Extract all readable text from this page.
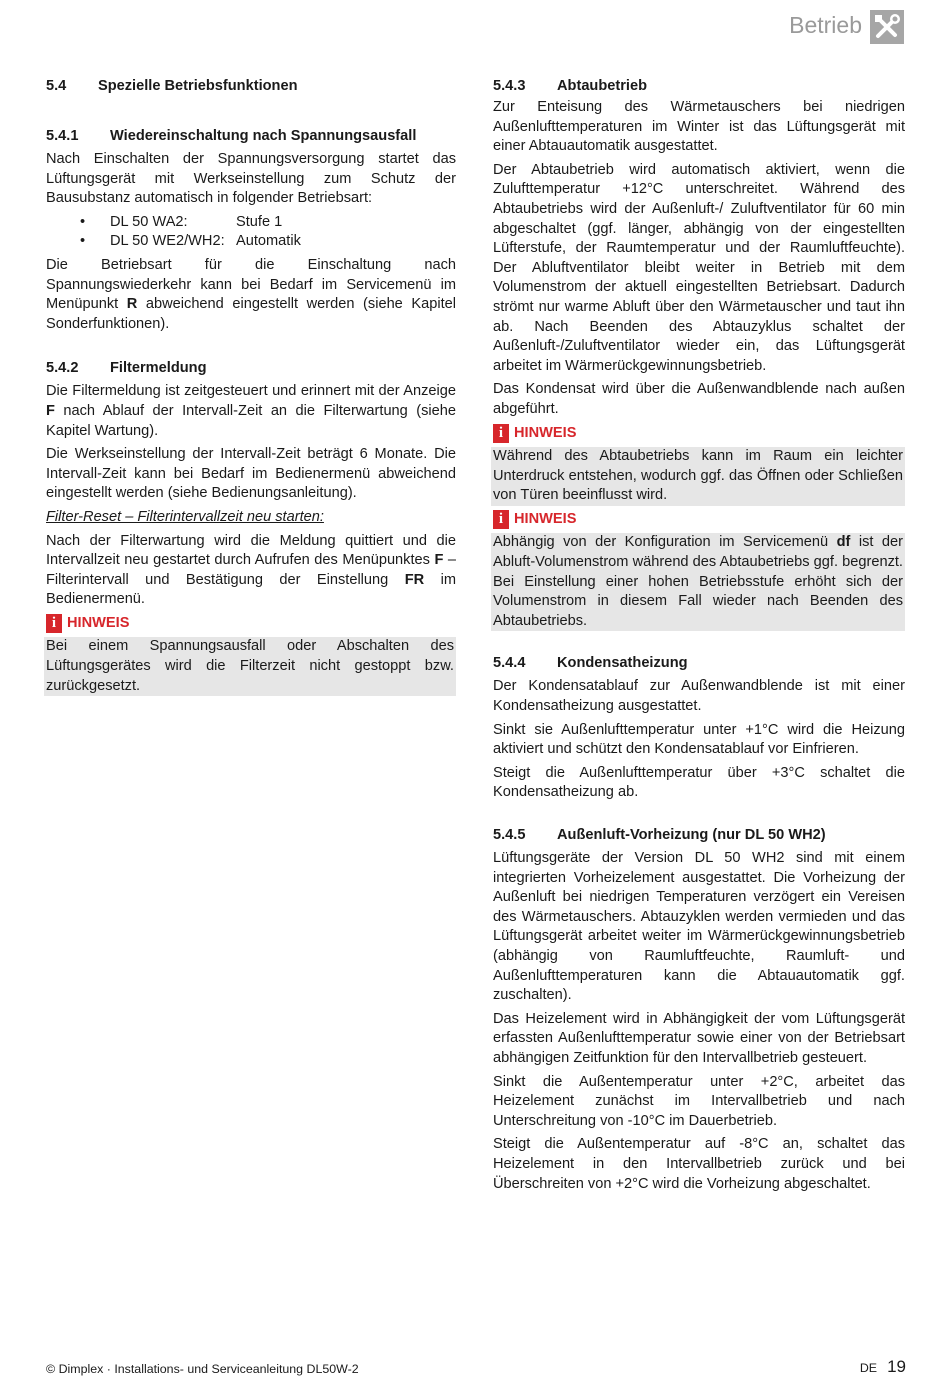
Betrieb
5.4	Spezielle Betriebsfunktionen
5.4.1	Wiedereinschaltung nach Spannungsausfall

Nach Einschalten der Spannungsversorgung startet das Lüftungsgerät mit Werkseinstellung zum Schutz der Bausubstanz automatisch in folgender Betriebsart:

•	DL 50 WA2:	Stufe 1
•	DL 50 WE2/WH2: Automatik

Die Betriebsart für die Einschaltung nach Spannungswiederkehr kann bei Bedarf im Servicemenü im Menüpunkt R abweichend eingestellt werden (siehe Kapitel Sonderfunktionen).

5.4.2	Filtermeldung

Die Filtermeldung ist zeitgesteuert und erinnert mit der Anzeige F nach Ablauf der Intervall-Zeit an die Filterwartung (siehe Kapitel Wartung).

Die Werkseinstellung der Intervall-Zeit beträgt 6 Monate. Die Intervall-Zeit kann bei Bedarf im Bedienermenü abweichend eingestellt werden (siehe Bedienungsanleitung).

Filter-Reset – Filterintervallzeit neu starten:

Nach der Filterwartung wird die Meldung quittiert und die Intervallzeit neu gestartet durch Aufrufen des Menüpunktes F – Filterintervall und Bestätigung der Einstellung FR im Bedienermenü.

i HINWEIS
Bei einem Spannungsausfall oder Abschalten des Lüftungsgerätes wird die Filterzeit nicht gestoppt bzw. zurückgesetzt.
5.4.3	Abtaubetrieb

Zur Enteisung des Wärmetauschers bei niedrigen Außenlufttemperaturen im Winter ist das Lüftungsgerät mit einer Abtauautomatik ausgestattet.

Der Abtaubetrieb wird automatisch aktiviert, wenn die Zulufttemperatur +12°C unterschreitet. Während des Abtaubetriebs wird der Außenluft-/ Zuluftventilator für 60 min abgeschaltet (ggf. länger, abhängig von der eingestellten Lüfterstufe, der Raumtemperatur und der Raumluftfeuchte). Der Abluftventilator bleibt weiter in Betrieb mit dem Volumenstrom der aktuell eingestellten Betriebsart. Dadurch strömt nur warme Abluft über den Wärmetauscher und taut ihn ab. Nach Beenden des Abtauzyklus schaltet der Außenluft-/Zuluftventilator wieder ein, das Lüftungsgerät arbeitet im Wärmerückgewinnungsbetrieb.

Das Kondensat wird über die Außenwandblende nach außen abgeführt.

i HINWEIS
Während des Abtaubetriebs kann im Raum ein leichter Unterdruck entstehen, wodurch ggf. das Öffnen oder Schließen von Türen beeinflusst wird.
i HINWEIS
Abhängig von der Konfiguration im Servicemenü df ist der Abluft-Volumenstrom während des Abtaubetriebs ggf. begrenzt. Bei Einstellung einer hohen Betriebsstufe erhöht sich der Volumenstrom in diesem Fall wieder nach Beenden des Abtaubetriebs.
5.4.4	Kondensatheizung

Der Kondensatablauf zur Außenwandblende ist mit einer Kondensatheizung ausgestattet.

Sinkt sie Außenlufttemperatur unter +1°C wird die Heizung aktiviert und schützt den Kondensatablauf vor Einfrieren.

Steigt die Außenlufttemperatur über +3°C schaltet die Kondensatheizung ab.

5.4.5	Außenluft-Vorheizung (nur DL 50 WH2)

Lüftungsgeräte der Version DL 50 WH2 sind mit einem integrierten Vorheizelement ausgestattet. Die Vorheizung der Außenluft bei niedrigen Temperaturen verzögert ein Vereisen des Wärmetauschers. Abtauzyklen werden vermieden und das Lüftungsgerät arbeitet weiter im Wärmerückgewinnungsbetrieb (abhängig von Raumluftfeuchte, Raumluft- und Außenlufttemperaturen kann die Abtauautomatik ggf. zuschalten).

Das Heizelement wird in Abhängigkeit der vom Lüftungsgerät erfassten Außenlufttemperatur sowie einer von der Betriebsart abhängigen Zeitfunktion für den Intervallbetrieb gesteuert.

Sinkt die Außentemperatur unter +2°C, arbeitet das Heizelement zunächst im Intervallbetrieb und nach Unterschreitung von -10°C im Dauerbetrieb.

Steigt die Außentemperatur auf -8°C an, schaltet das Heizelement in den Intervallbetrieb zurück und bei Überschreiten von +2°C wird die Vorheizung abgeschaltet.

© Dimplex · Installations- und Serviceanleitung DL50W-2	DE 19
